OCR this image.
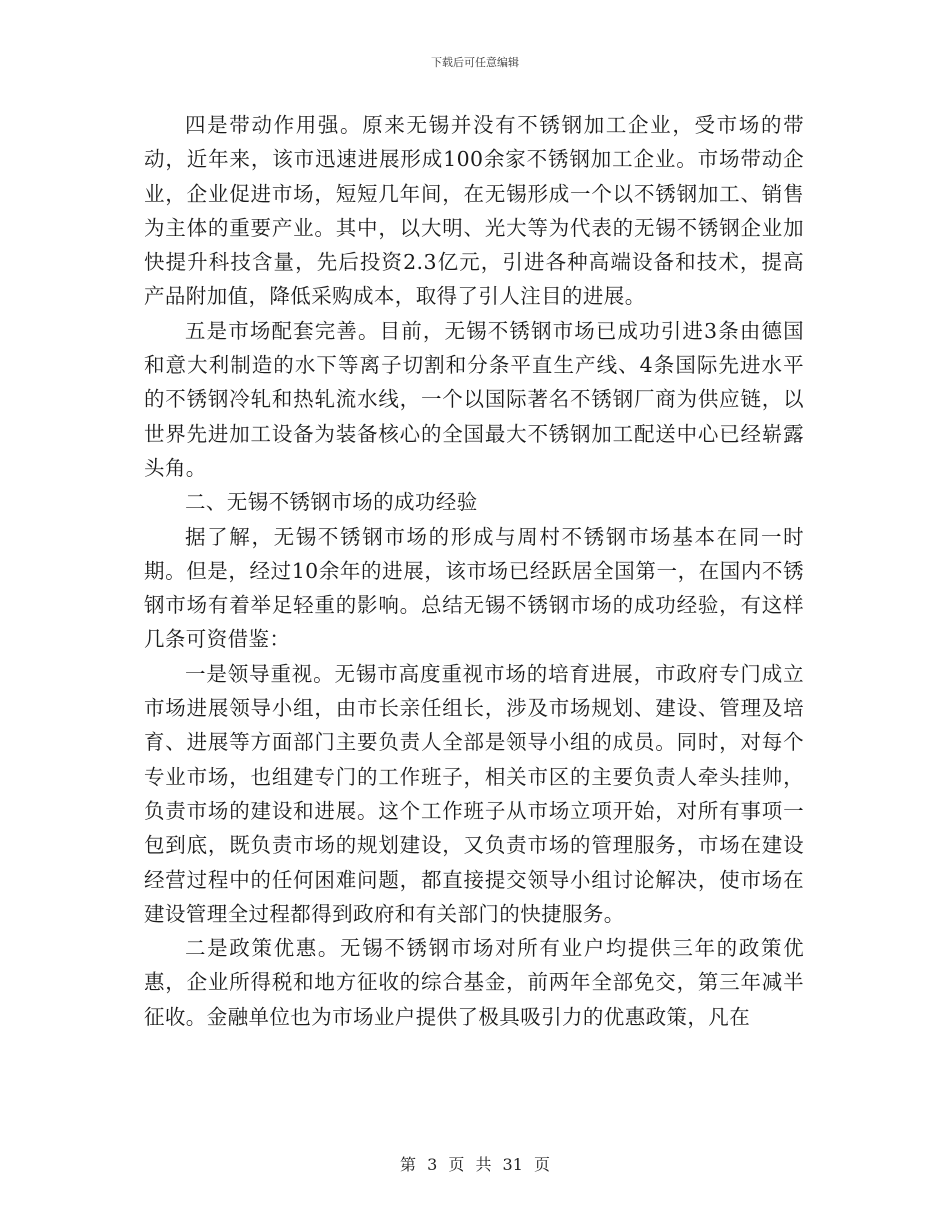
下载后可任意编辑

四是带动作用强。原来无锡并没有不锈钢加工企业，受市场的带动，近年来，该市迅速进展形成100余家不锈钢加工企业。市场带动企业，企业促进市场，短短几年间，在无锡形成一个以不锈钢加工、销售为主体的重要产业。其中，以大明、光大等为代表的无锡不锈钢企业加快提升科技含量，先后投资2.3亿元，引进各种高端设备和技术，提高产品附加值，降低采购成本，取得了引人注目的进展。

五是市场配套完善。目前，无锡不锈钢市场已成功引进3条由德国和意大利制造的水下等离子切割和分条平直生产线、4条国际先进水平的不锈钢冷轧和热轧流水线，一个以国际著名不锈钢厂商为供应链，以世界先进加工设备为装备核心的全国最大不锈钢加工配送中心已经崭露头角。

二、无锡不锈钢市场的成功经验

据了解，无锡不锈钢市场的形成与周村不锈钢市场基本在同一时期。但是，经过10余年的进展，该市场已经跃居全国第一，在国内不锈钢市场有着举足轻重的影响。总结无锡不锈钢市场的成功经验，有这样几条可资借鉴：

一是领导重视。无锡市高度重视市场的培育进展，市政府专门成立市场进展领导小组，由市长亲任组长，涉及市场规划、建设、管理及培育、进展等方面部门主要负责人全部是领导小组的成员。同时，对每个专业市场，也组建专门的工作班子，相关市区的主要负责人牵头挂帅，负责市场的建设和进展。这个工作班子从市场立项开始，对所有事项一包到底，既负责市场的规划建设，又负责市场的管理服务，市场在建设经营过程中的任何困难问题，都直接提交领导小组讨论解决，使市场在建设管理全过程都得到政府和有关部门的快捷服务。

二是政策优惠。无锡不锈钢市场对所有业户均提供三年的政策优惠，企业所得税和地方征收的综合基金，前两年全部免交，第三年减半征收。金融单位也为市场业户提供了极具吸引力的优惠政策，凡在

第 3 页 共 31 页
